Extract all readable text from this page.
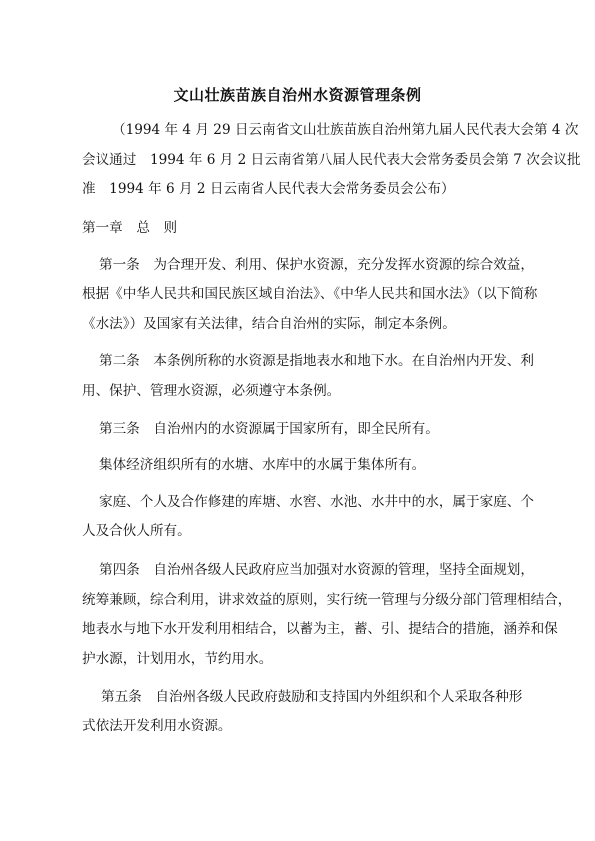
文山壮族苗族自治州水资源管理条例

（1994 年 4 月 29 日云南省文山壮族苗族自治州第九届人民代表大会第 4 次

会议通过　1994 年 6 月 2 日云南省第八届人民代表大会常务委员会第 7 次会议批

准　1994 年 6 月 2 日云南省人民代表大会常务委员会公布）

第一章　总　则

第一条　为合理开发、利用、保护水资源，充分发挥水资源的综合效益，

根据《中华人民共和国民族区域自治法》、《中华人民共和国水法》（以下简称

《水法》）及国家有关法律，结合自治州的实际，制定本条例。

第二条　本条例所称的水资源是指地表水和地下水。在自治州内开发、利

用、保护、管理水资源，必须遵守本条例。

第三条　自治州内的水资源属于国家所有，即全民所有。

集体经济组织所有的水塘、水库中的水属于集体所有。

家庭、个人及合作修建的库塘、水窖、水池、水井中的水，属于家庭、个

人及合伙人所有。

第四条　自治州各级人民政府应当加强对水资源的管理，坚持全面规划，

统筹兼顾，综合利用，讲求效益的原则，实行统一管理与分级分部门管理相结合，

地表水与地下水开发利用相结合，以蓄为主，蓄、引、提结合的措施，涵养和保

护水源，计划用水，节约用水。

第五条　自治州各级人民政府鼓励和支持国内外组织和个人采取各种形

式依法开发利用水资源。
